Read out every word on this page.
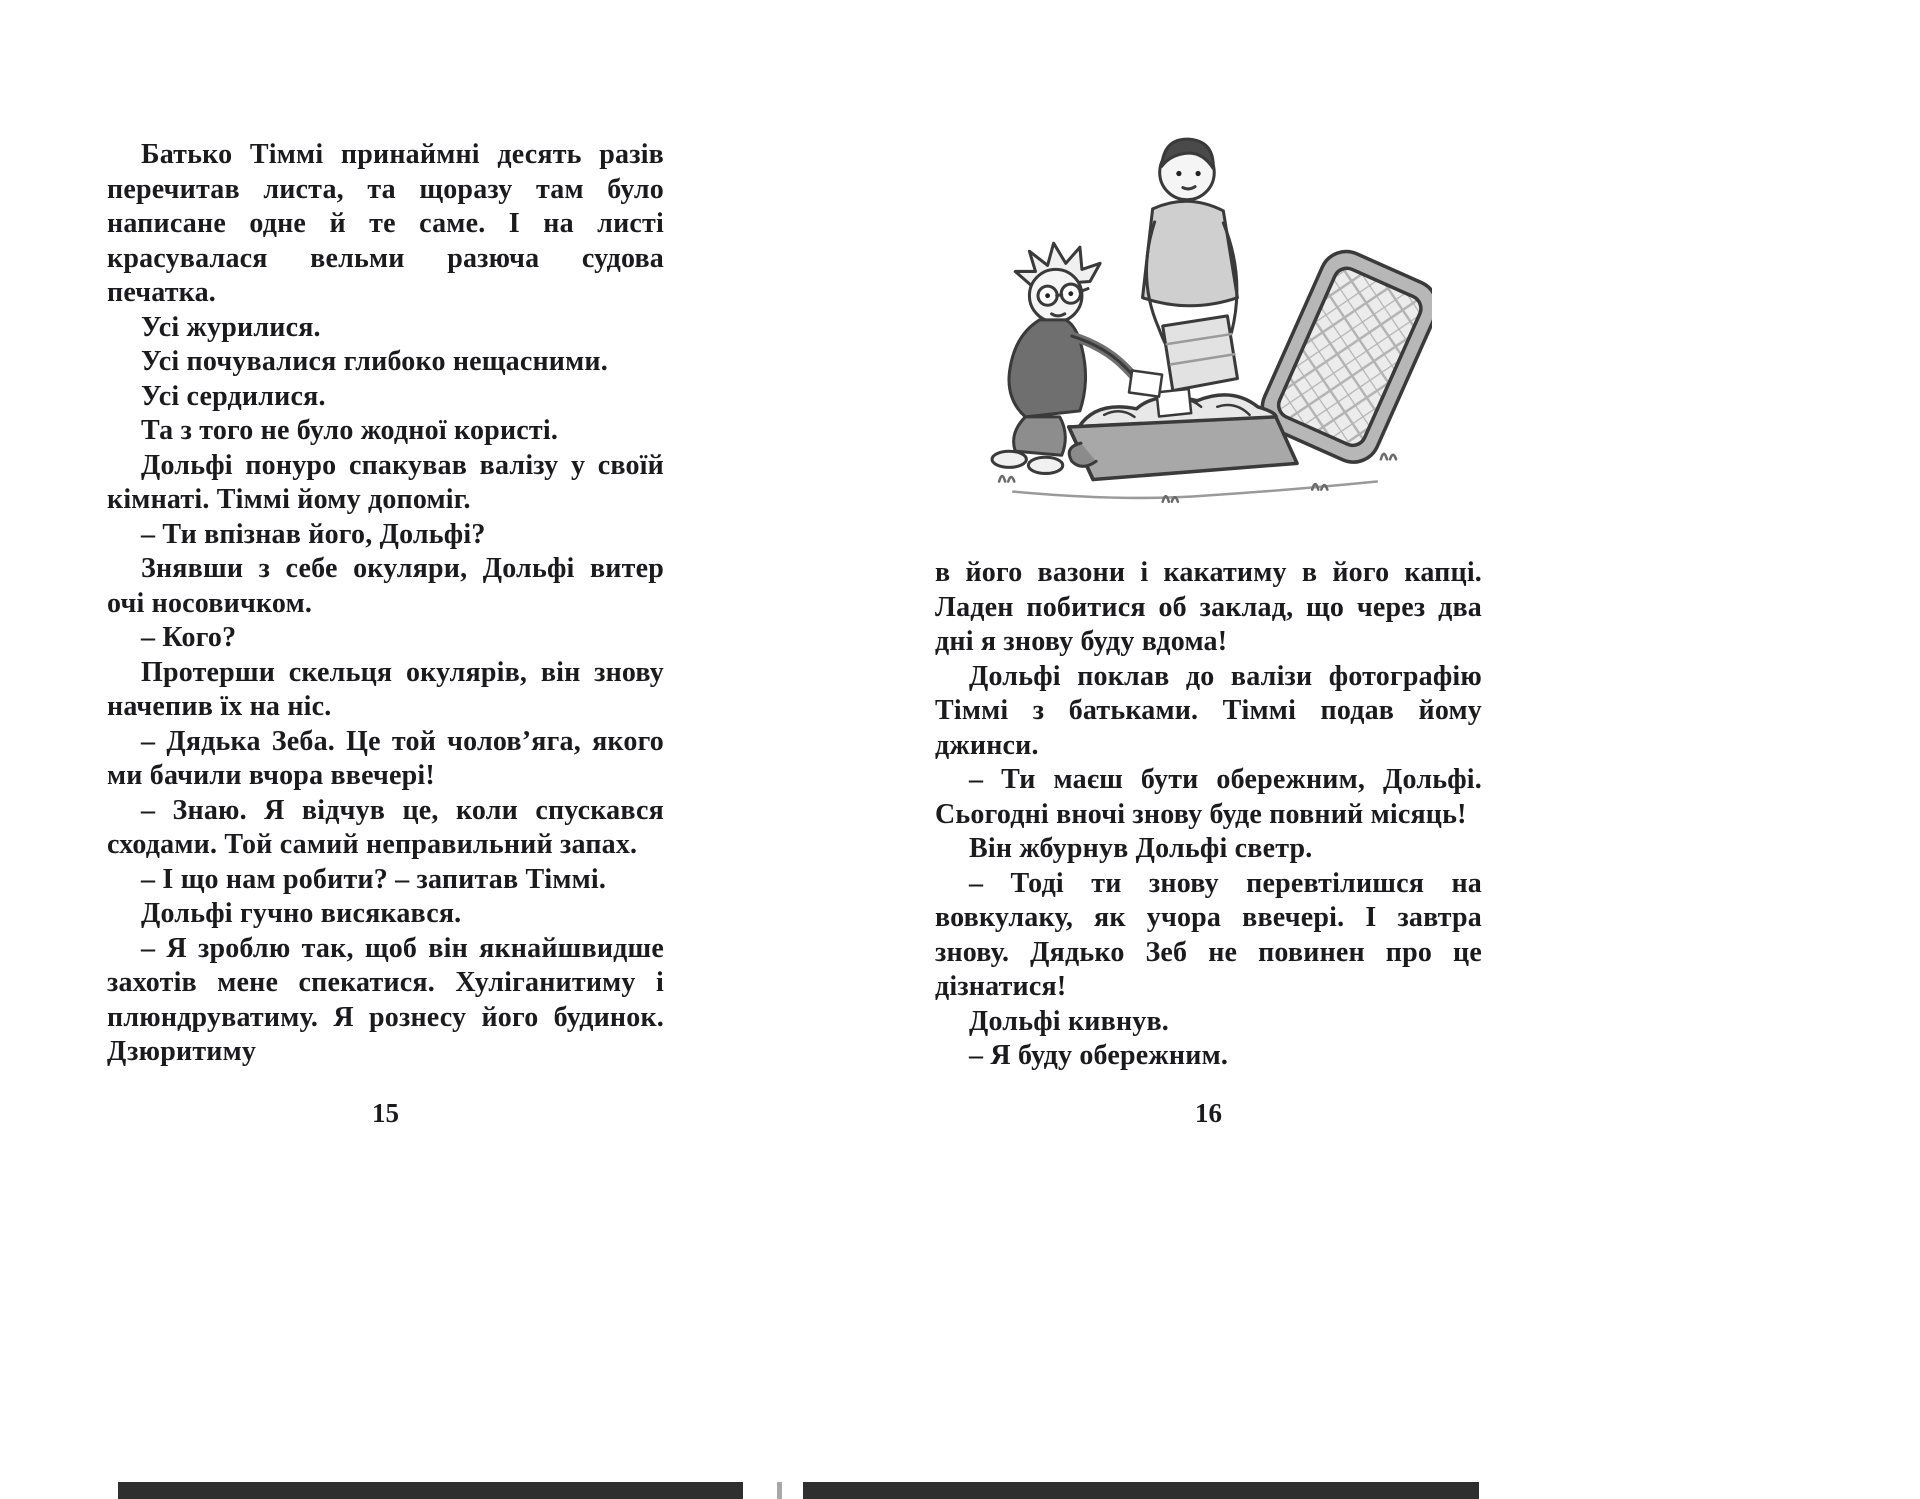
Батько Тіммі принаймні десять разів перечитав листа, та щоразу там було написане одне й те саме. І на листі красувалася вельми разюча судова печатка.

Усі журилися.

Усі почувалися глибоко нещасними.

Усі сердилися.

Та з того не було жодної користі.

Дольфі понуро спакував валізу у своїй кімнаті. Тіммі йому допоміг.

– Ти впізнав його, Дольфі?

Знявши з себе окуляри, Дольфі витер очі носовичком.

– Кого?

Протерши скельця окулярів, він знову начепив їх на ніс.

– Дядька Зеба. Це той чолов’яга, якого ми бачили вчора ввечері!

– Знаю. Я відчув це, коли спускався сходами. Той самий неправильний запах.

– І що нам робити? – запитав Тіммі.

Дольфі гучно висякався.

– Я зроблю так, щоб він якнайшвидше захотів мене спекатися. Хуліганитиму і плюндруватиму. Я рознесу його будинок. Дзюритиму

15

в його вазони і какатиму в його капці. Ладен побитися об заклад, що через два дні я знову буду вдома!

Дольфі поклав до валізи фотографію Тіммі з батьками. Тіммі подав йому джинси.

– Ти маєш бути обережним, Дольфі. Сьогодні вночі знову буде повний місяць!

Він жбурнув Дольфі светр.

– Тоді ти знову перевтілишся на вовкулаку, як учора ввечері. І завтра знову. Дядько Зеб не повинен про це дізнатися!

Дольфі кивнув.

– Я буду обережним.

16
